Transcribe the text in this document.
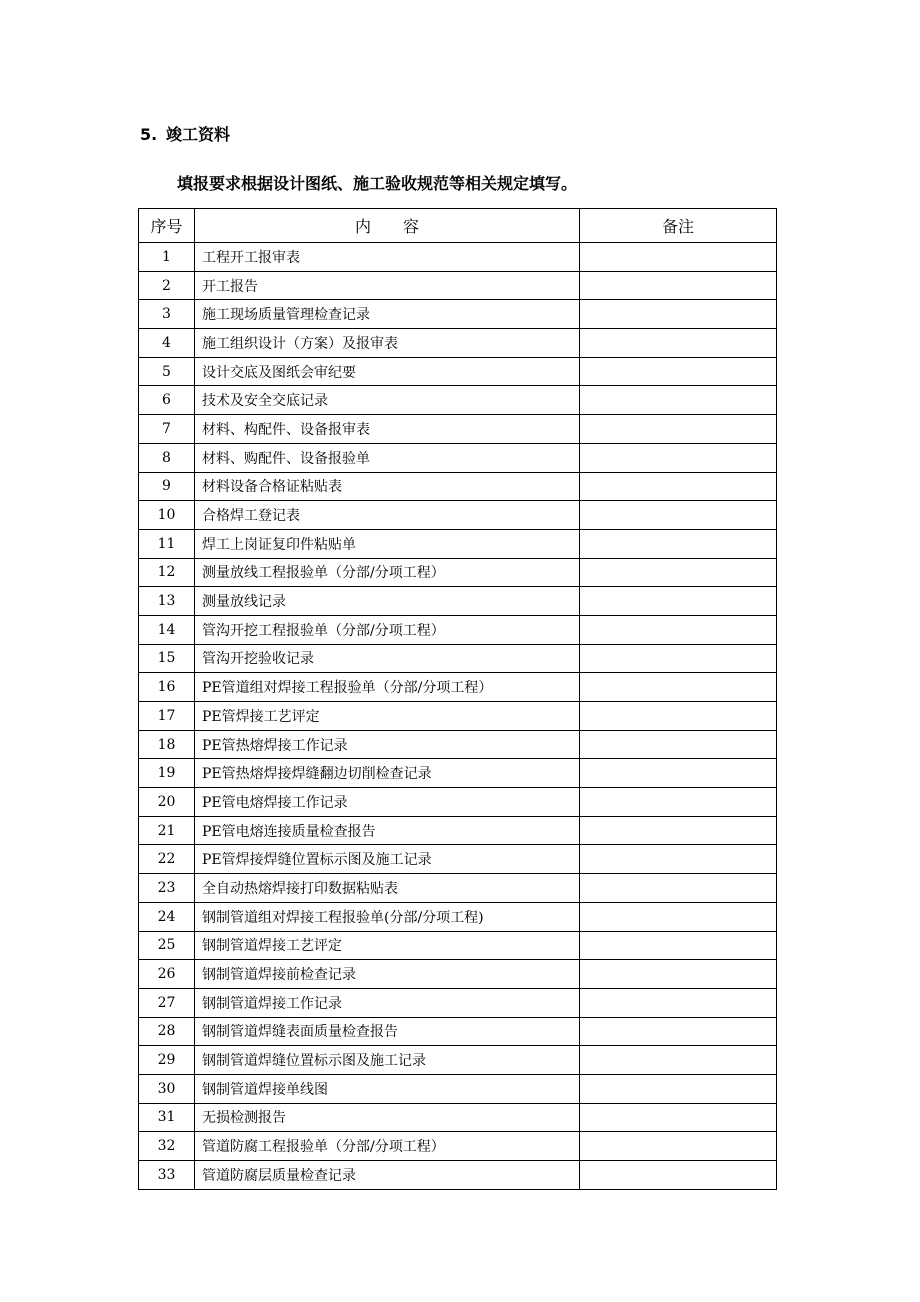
5. 竣工资料
填报要求根据设计图纸、施工验收规范等相关规定填写。
序号	内　　容	备注
1	工程开工报审表	
2	开工报告	
3	施工现场质量管理检查记录	
4	施工组织设计（方案）及报审表	
5	设计交底及图纸会审纪要	
6	技术及安全交底记录	
7	材料、构配件、设备报审表	
8	材料、购配件、设备报验单	
9	材料设备合格证粘贴表	
10	合格焊工登记表	
11	焊工上岗证复印件粘贴单	
12	测量放线工程报验单（分部/分项工程）	
13	测量放线记录	
14	管沟开挖工程报验单（分部/分项工程）	
15	管沟开挖验收记录	
16	PE管道组对焊接工程报验单（分部/分项工程）	
17	PE管焊接工艺评定	
18	PE管热熔焊接工作记录	
19	PE管热熔焊接焊缝翻边切削检查记录	
20	PE管电熔焊接工作记录	
21	PE管电熔连接质量检查报告	
22	PE管焊接焊缝位置标示图及施工记录	
23	全自动热熔焊接打印数据粘贴表	
24	钢制管道组对焊接工程报验单(分部/分项工程)	
25	钢制管道焊接工艺评定	
26	钢制管道焊接前检查记录	
27	钢制管道焊接工作记录	
28	钢制管道焊缝表面质量检查报告	
29	钢制管道焊缝位置标示图及施工记录	
30	钢制管道焊接单线图	
31	无损检测报告	
32	管道防腐工程报验单（分部/分项工程）	
33	管道防腐层质量检查记录	
